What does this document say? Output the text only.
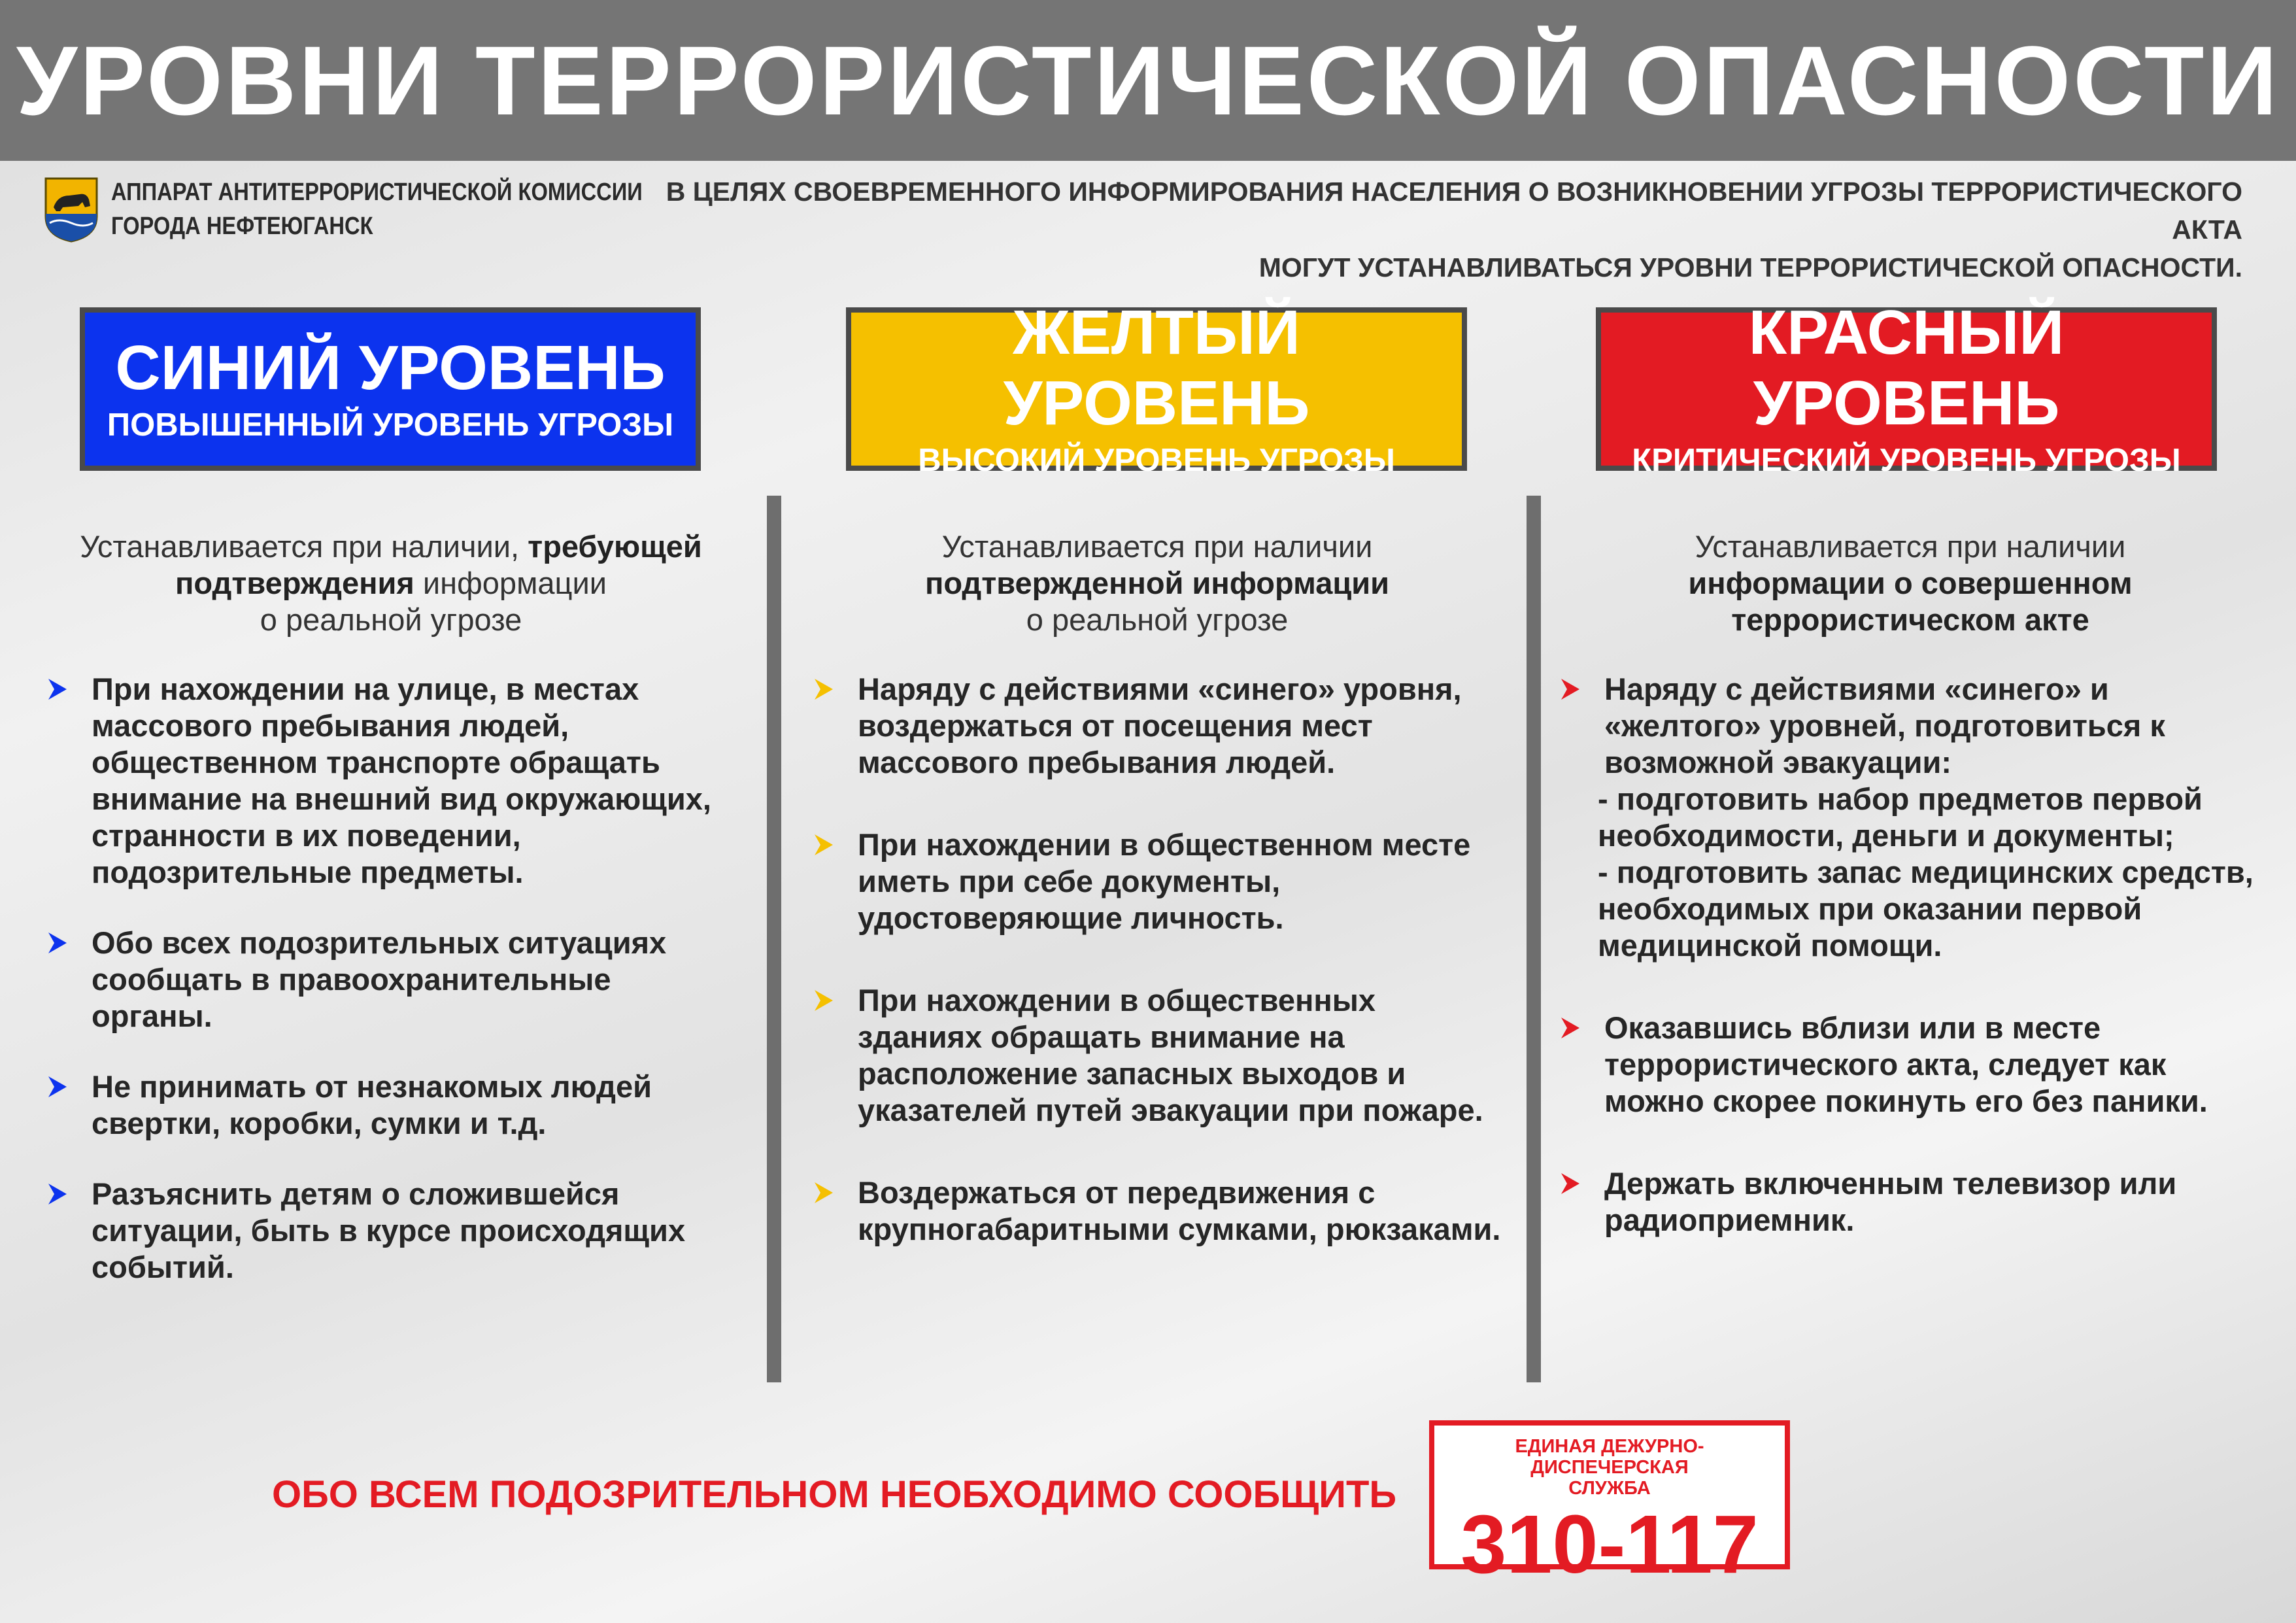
УРОВНИ ТЕРРОРИСТИЧЕСКОЙ ОПАСНОСТИ
АППАРАТ АНТИТЕРРОРИСТИЧЕСКОЙ КОМИССИИ
ГОРОДА НЕФТЕЮГАНСК
В ЦЕЛЯХ СВОЕВРЕМЕННОГО ИНФОРМИРОВАНИЯ НАСЕЛЕНИЯ О ВОЗНИКНОВЕНИИ УГРОЗЫ ТЕРРОРИСТИЧЕСКОГО АКТА
МОГУТ УСТАНАВЛИВАТЬСЯ УРОВНИ ТЕРРОРИСТИЧЕСКОЙ ОПАСНОСТИ.
СИНИЙ УРОВЕНЬ
ПОВЫШЕННЫЙ УРОВЕНЬ УГРОЗЫ
ЖЕЛТЫЙ УРОВЕНЬ
ВЫСОКИЙ УРОВЕНЬ УГРОЗЫ
КРАСНЫЙ УРОВЕНЬ
КРИТИЧЕСКИЙ УРОВЕНЬ УГРОЗЫ
Устанавливается при наличии, требующей
подтверждения информации
о реальной угрозе
При нахождении на улице, в местах массового пребывания людей, общественном транспорте обращать внимание на внешний вид окружающих, странности в их поведении, подозрительные предметы.
Обо всех подозрительных ситуациях сообщать в правоохранительные органы.
Не принимать от незнакомых людей свертки, коробки, сумки и т.д.
Разъяснить детям о сложившейся ситуации, быть в курсе происходящих событий.
Устанавливается при наличии
подтвержденной информации
о реальной угрозе
Наряду с действиями «синего» уровня, воздержаться от посещения мест массового пребывания людей.
При нахождении в общественном месте иметь при себе документы, удостоверяющие личность.
При нахождении в общественных зданиях обращать внимание на расположение запасных выходов и указателей путей эвакуации при пожаре.
Воздержаться от передвижения с крупногабаритными сумками, рюкзаками.
Устанавливается при наличии
информации о совершенном
террористическом акте
Наряду с действиями «синего» и «желтого» уровней, подготовиться к возможной эвакуации:
- подготовить набор предметов первой необходимости, деньги и документы;
- подготовить запас медицинских средств, необходимых при оказании первой медицинской помощи.
Оказавшись вблизи или в месте террористического акта, следует как можно скорее покинуть его без паники.
Держать включенным телевизор или радиоприемник.
ОБО ВСЕМ ПОДОЗРИТЕЛЬНОМ НЕОБХОДИМО СООБЩИТЬ
ЕДИНАЯ ДЕЖУРНО- ДИСПЕЧЕРСКАЯ
СЛУЖБА
310-117
